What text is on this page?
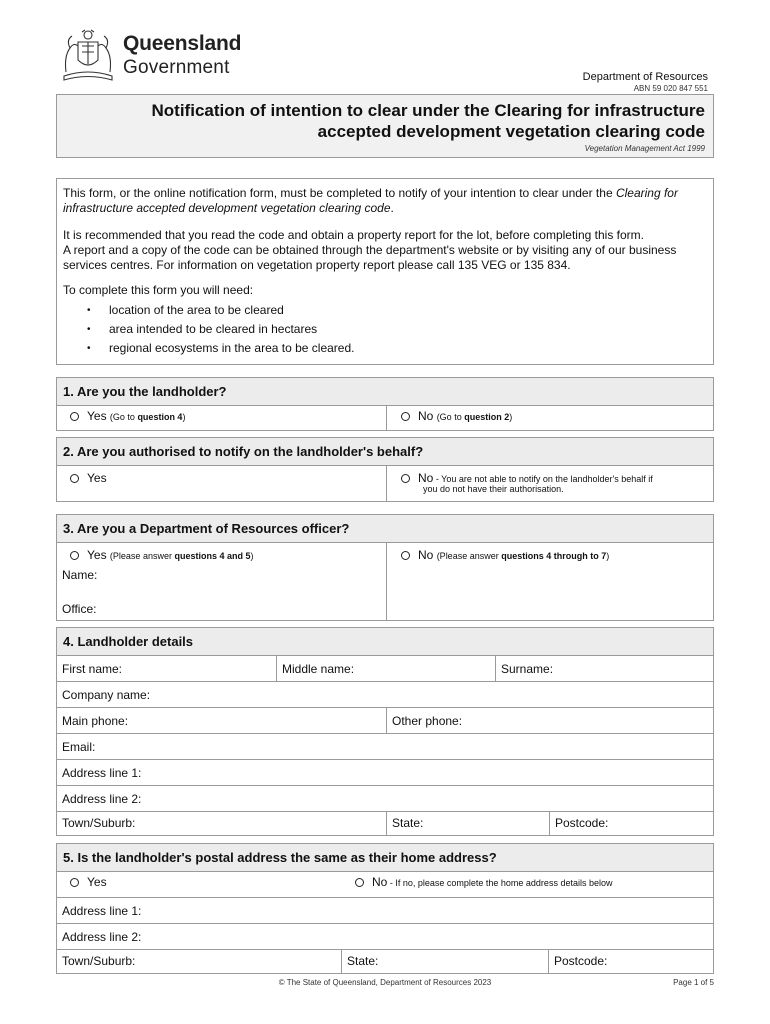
Queensland
Government	Department of Resources
ABN 59 020 847 551
Notification of intention to clear under the Clearing for infrastructure
accepted development vegetation clearing code
Vegetation Management Act 1999

This form, or the online notification form, must be completed to notify of your intention to clear under the Clearing for infrastructure accepted development vegetation clearing code.

It is recommended that you read the code and obtain a property report for the lot, before completing this form.

A report and a copy of the code can be obtained through the department's website or by visiting any of our business services centres. For information on vegetation property report please call 135 VEG or 135 834.

To complete this form you will need:

• location of the area to be cleared
• area intended to be cleared in hectares
• regional ecosystems in the area to be cleared.
1. Are you the landholder?
Yes (Go to question 4)	No (Go to question 2)
2. Are you authorised to notify on the landholder's behalf?
Yes	No - You are not able to notify on the landholder's behalf if
you do not have their authorisation.
3. Are you a Department of Resources officer?
Yes (Please answer questions 4 and 5)
Name:
Office:
No (Please answer questions 4 through to 7)
4. Landholder details
First name:	Middle name:	Surname:
Company name:
Main phone:	Other phone:
Email:
Address line 1:
Address line 2:
Town/Suburb:	State:	Postcode:
5. Is the landholder's postal address the same as their home address?
Yes	No - If no, please complete the home address details below
Address line 1:
Address line 2:
Town/Suburb:	State:	Postcode:
© The State of Queensland, Department of Resources 2023	Page 1 of 5
